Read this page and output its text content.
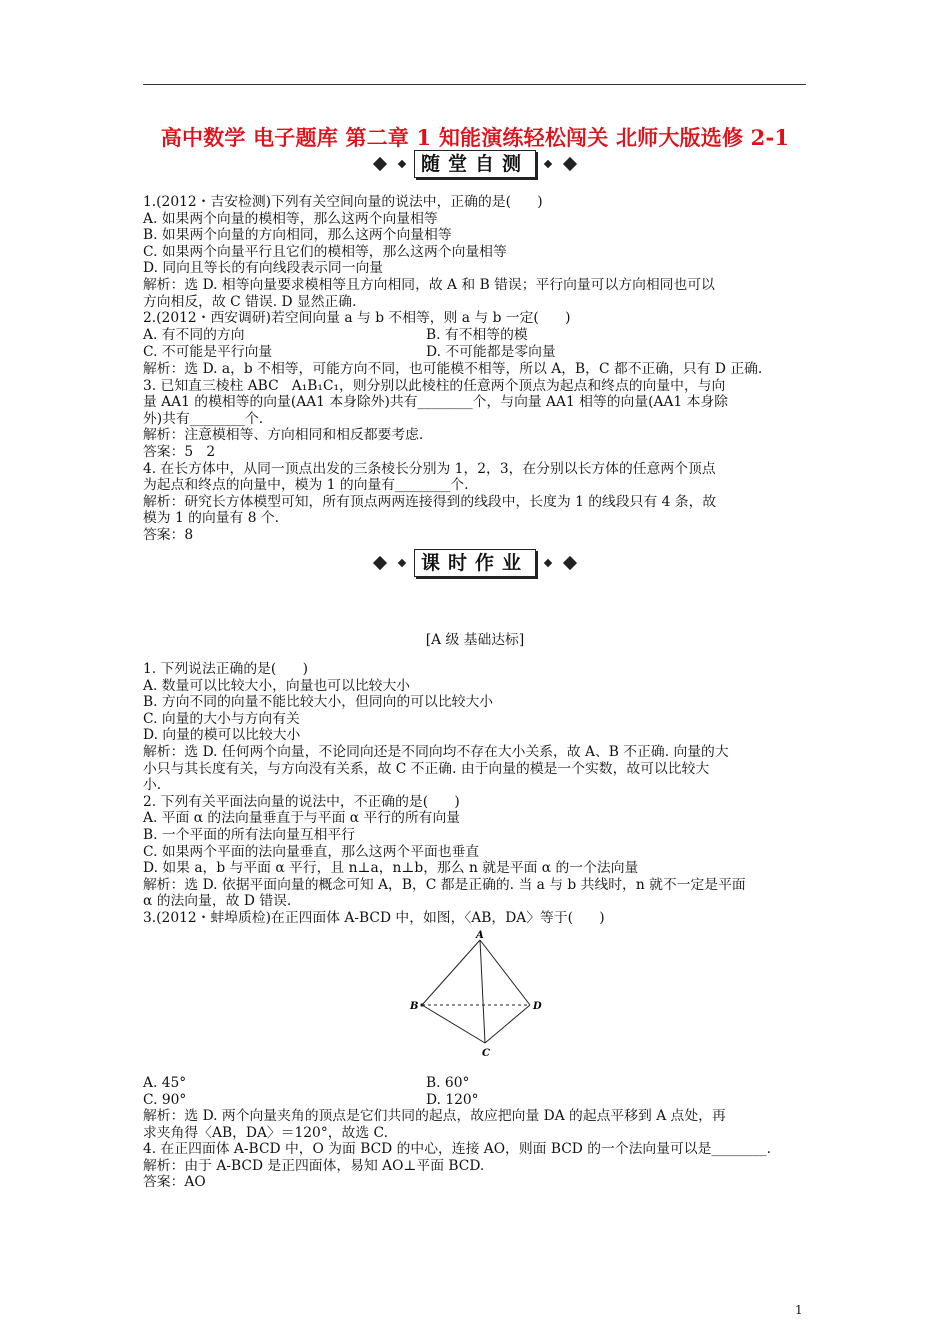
高中数学 电子题库 第二章 1 知能演练轻松闯关 北师大版选修 2-1
随堂自测

1.(2012・吉安检测)下列有关空间向量的说法中，正确的是(      )

A. 如果两个向量的模相等，那么这两个向量相等

B. 如果两个向量的方向相同，那么这两个向量相等

C. 如果两个向量平行且它们的模相等，那么这两个向量相等

D. 同向且等长的有向线段表示同一向量

解析：选 D. 相等向量要求模相等且方向相同，故 A 和 B 错误；平行向量可以方向相同也可以

方向相反，故 C 错误. D 显然正确.

2.(2012・西安调研)若空间向量 a 与 b 不相等，则 a 与 b 一定(      )

A. 有不同的方向	B. 有不相等的模
C. 不可能是平行向量	D. 不可能都是零向量

解析：选 D. a，b 不相等，可能方向不同，也可能模不相等，所以 A，B，C 都不正确，只有 D 正确.

3. 已知直三棱柱 ABC   A₁B₁C₁，则分别以此棱柱的任意两个顶点为起点和终点的向量中，与向

量 AA1 的模相等的向量(AA1 本身除外)共有________个，与向量 AA1 相等的向量(AA1 本身除

外)共有________个.

解析：注意模相等、方向相同和相反都要考虑.

答案：5   2

4. 在长方体中，从同一顶点出发的三条棱长分别为 1，2，3，在分别以长方体的任意两个顶点

为起点和终点的向量中，模为 1 的向量有________个.

解析：研究长方体模型可知，所有顶点两两连接得到的线段中，长度为 1 的线段只有 4 条，故

模为 1 的向量有 8 个.

答案：8

课时作业
[A 级 基础达标]

1. 下列说法正确的是(      )

A. 数量可以比较大小，向量也可以比较大小

B. 方向不同的向量不能比较大小，但同向的可以比较大小

C. 向量的大小与方向有关

D. 向量的模可以比较大小

解析：选 D. 任何两个向量，不论同向还是不同向均不存在大小关系，故 A、B 不正确. 向量的大

小只与其长度有关，与方向没有关系，故 C 不正确. 由于向量的模是一个实数，故可以比较大

小.

2. 下列有关平面法向量的说法中，不正确的是(      )

A. 平面 α 的法向量垂直于与平面 α 平行的所有向量

B. 一个平面的所有法向量互相平行

C. 如果两个平面的法向量垂直，那么这两个平面也垂直

D. 如果 a，b 与平面 α 平行，且 n⊥a，n⊥b，那么 n 就是平面 α 的一个法向量

解析：选 D. 依据平面向量的概念可知 A，B，C 都是正确的. 当 a 与 b 共线时，n 就不一定是平面

α 的法向量，故 D 错误.

3.(2012・蚌埠质检)在正四面体 A-BCD 中，如图，〈AB，DA〉等于(      )

A
B
C
D
A. 45°	B. 60°
C. 90°	D. 120°

解析：选 D. 两个向量夹角的顶点是它们共同的起点，故应把向量 DA 的起点平移到 A 点处，再

求夹角得〈AB，DA〉＝120°，故选 C.

4. 在正四面体 A-BCD 中，O 为面 BCD 的中心，连接 AO，则面 BCD 的一个法向量可以是________.

解析：由于 A-BCD 是正四面体，易知 AO⊥平面 BCD.

答案：AO

1
